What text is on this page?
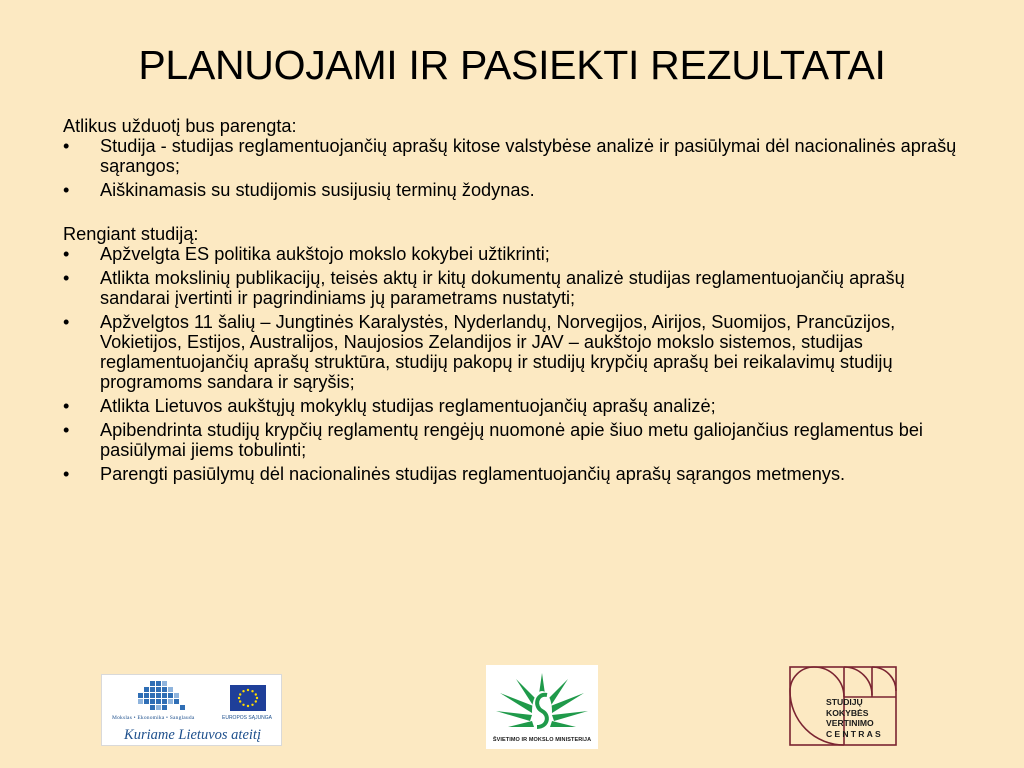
PLANUOJAMI IR PASIEKTI REZULTATAI

Atlikus užduotį bus parengta:

• Studija - studijas reglamentuojančių aprašų kitose valstybėse analizė ir pasiūlymai dėl nacionalinės aprašų sąrangos;
• Aiškinamasis su studijomis susijusių terminų žodynas.

Rengiant studiją:

• Apžvelgta ES politika aukštojo mokslo kokybei užtikrinti;
• Atlikta mokslinių publikacijų, teisės aktų ir kitų dokumentų analizė studijas reglamentuojančių aprašų sandarai įvertinti ir pagrindiniams jų parametrams nustatyti;
• Apžvelgtos 11 šalių – Jungtinės Karalystės, Nyderlandų, Norvegijos, Airijos, Suomijos, Prancūzijos, Vokietijos, Estijos, Australijos, Naujosios Zelandijos ir JAV – aukštojo mokslo sistemos, studijas reglamentuojančių aprašų struktūra, studijų pakopų ir studijų krypčių aprašų bei reikalavimų studijų programoms sandara ir sąryšis;
• Atlikta Lietuvos aukštųjų mokyklų studijas reglamentuojančių aprašų analizė;
• Apibendrinta studijų krypčių reglamentų rengėjų nuomonė apie šiuo metu galiojančius reglamentus bei pasiūlymai jiems tobulinti;
• Parengti pasiūlymų dėl nacionalinės studijas reglamentuojančių aprašų sąrangos metmenys.
Mokslas • Ekonomika • Sanglauda	EUROPOS SĄJUNGA
Kuriame Lietuvos ateitį	ŠVIETIMO IR MOKSLO MINISTERIJA
STUDIJŲ
KOKYBĖS
VERTINIMO
CENTRAS
